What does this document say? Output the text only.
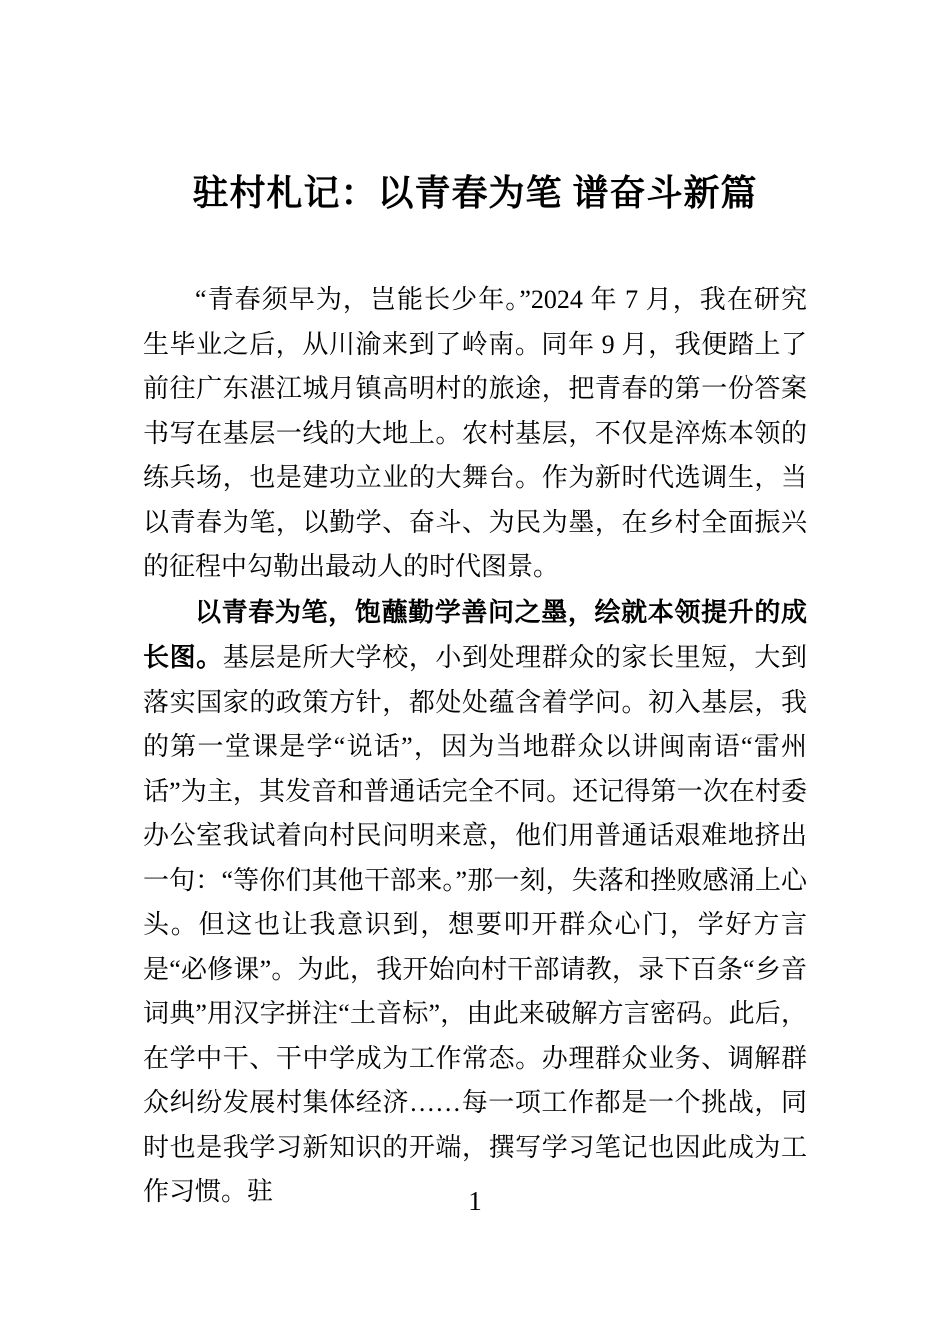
驻村札记：以青春为笔 谱奋斗新篇

“青春须早为，岂能长少年。”2024 年 7 月，我在研究生毕业之后，从川渝来到了岭南。同年 9 月，我便踏上了前往广东湛江城月镇高明村的旅途，把青春的第一份答案书写在基层一线的大地上。农村基层，不仅是淬炼本领的练兵场，也是建功立业的大舞台。作为新时代选调生，当以青春为笔，以勤学、奋斗、为民为墨，在乡村全面振兴的征程中勾勒出最动人的时代图景。

以青春为笔，饱蘸勤学善问之墨，绘就本领提升的成长图。基层是所大学校，小到处理群众的家长里短，大到落实国家的政策方针，都处处蕴含着学问。初入基层，我的第一堂课是学“说话”，因为当地群众以讲闽南语“雷州话”为主，其发音和普通话完全不同。还记得第一次在村委办公室我试着向村民问明来意，他们用普通话艰难地挤出一句：“等你们其他干部来。”那一刻，失落和挫败感涌上心头。但这也让我意识到，想要叩开群众心门，学好方言是“必修课”。为此，我开始向村干部请教，录下百条“乡音词典”用汉字拼注“土音标”，由此来破解方言密码。此后，在学中干、干中学成为工作常态。办理群众业务、调解群众纠纷发展村集体经济……每一项工作都是一个挑战，同时也是我学习新知识的开端，撰写学习笔记也因此成为工作习惯。驻	1
